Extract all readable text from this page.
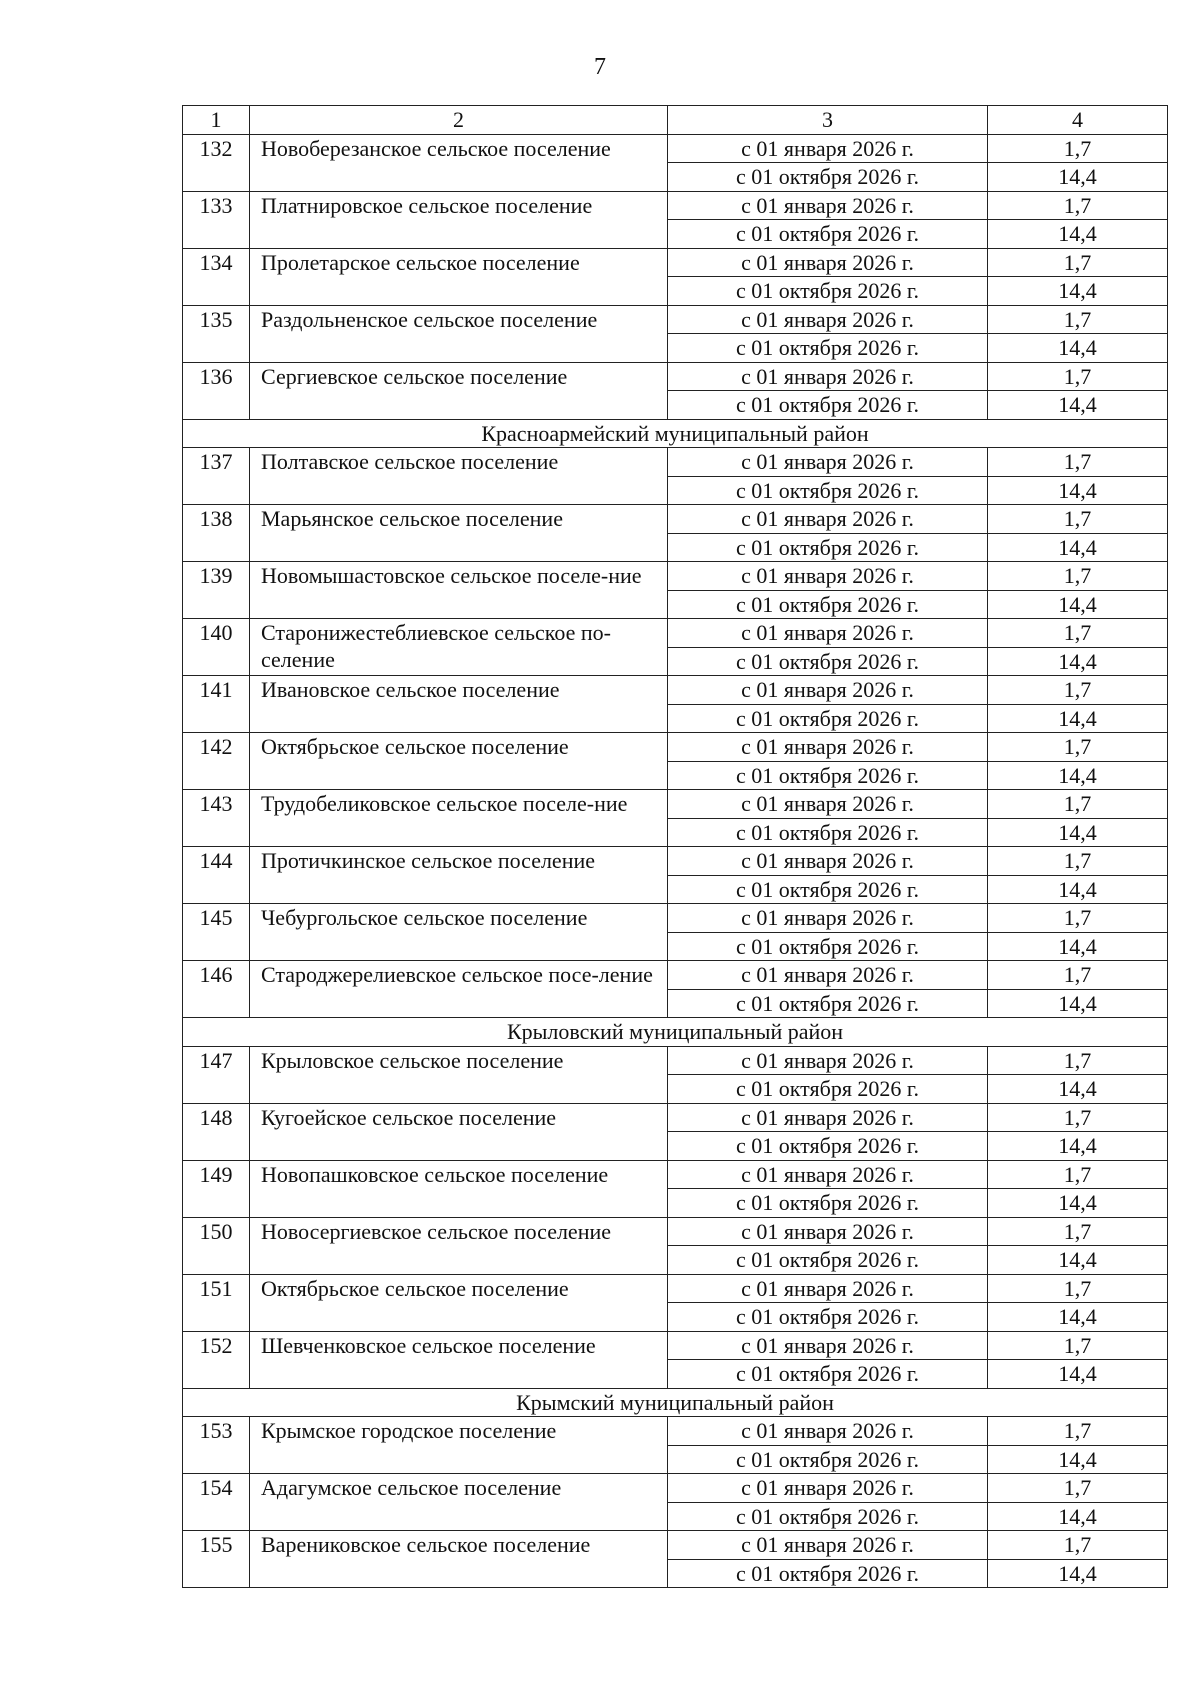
7
1	2	3	4
132	Новоберезанское сельское поселение	с 01 января 2026 г.	1,7
		с 01 октября 2026 г.	14,4
133	Платнировское сельское поселение	с 01 января 2026 г.	1,7
		с 01 октября 2026 г.	14,4
134	Пролетарское сельское поселение	с 01 января 2026 г.	1,7
		с 01 октября 2026 г.	14,4
135	Раздольненское сельское поселение	с 01 января 2026 г.	1,7
		с 01 октября 2026 г.	14,4
136	Сергиевское сельское поселение	с 01 января 2026 г.	1,7
		с 01 октября 2026 г.	14,4
Красноармейский муниципальный район			
137	Полтавское сельское поселение	с 01 января 2026 г.	1,7
		с 01 октября 2026 г.	14,4
138	Марьянское сельское поселение	с 01 января 2026 г.	1,7
		с 01 октября 2026 г.	14,4
139	Новомышастовское сельское поселе-ние	с 01 января 2026 г.	1,7
		с 01 октября 2026 г.	14,4
140	Старонижестеблиевское сельское по-селение	с 01 января 2026 г.	1,7
		с 01 октября 2026 г.	14,4
141	Ивановское сельское поселение	с 01 января 2026 г.	1,7
		с 01 октября 2026 г.	14,4
142	Октябрьское сельское поселение	с 01 января 2026 г.	1,7
		с 01 октября 2026 г.	14,4
143	Трудобеликовское сельское поселе-ние	с 01 января 2026 г.	1,7
		с 01 октября 2026 г.	14,4
144	Протичкинское сельское поселение	с 01 января 2026 г.	1,7
		с 01 октября 2026 г.	14,4
145	Чебургольское сельское поселение	с 01 января 2026 г.	1,7
		с 01 октября 2026 г.	14,4
146	Староджерелиевское сельское посе-ление	с 01 января 2026 г.	1,7
		с 01 октября 2026 г.	14,4
Крыловский муниципальный район			
147	Крыловское сельское поселение	с 01 января 2026 г.	1,7
		с 01 октября 2026 г.	14,4
148	Кугоейское сельское поселение	с 01 января 2026 г.	1,7
		с 01 октября 2026 г.	14,4
149	Новопашковское сельское поселение	с 01 января 2026 г.	1,7
		с 01 октября 2026 г.	14,4
150	Новосергиевское сельское поселение	с 01 января 2026 г.	1,7
		с 01 октября 2026 г.	14,4
151	Октябрьское сельское поселение	с 01 января 2026 г.	1,7
		с 01 октября 2026 г.	14,4
152	Шевченковское сельское поселение	с 01 января 2026 г.	1,7
		с 01 октября 2026 г.	14,4
Крымский муниципальный район			
153	Крымское городское поселение	с 01 января 2026 г.	1,7
		с 01 октября 2026 г.	14,4
154	Адагумское сельское поселение	с 01 января 2026 г.	1,7
		с 01 октября 2026 г.	14,4
155	Варениковское сельское поселение	с 01 января 2026 г.	1,7
		с 01 октября 2026 г.	14,4
